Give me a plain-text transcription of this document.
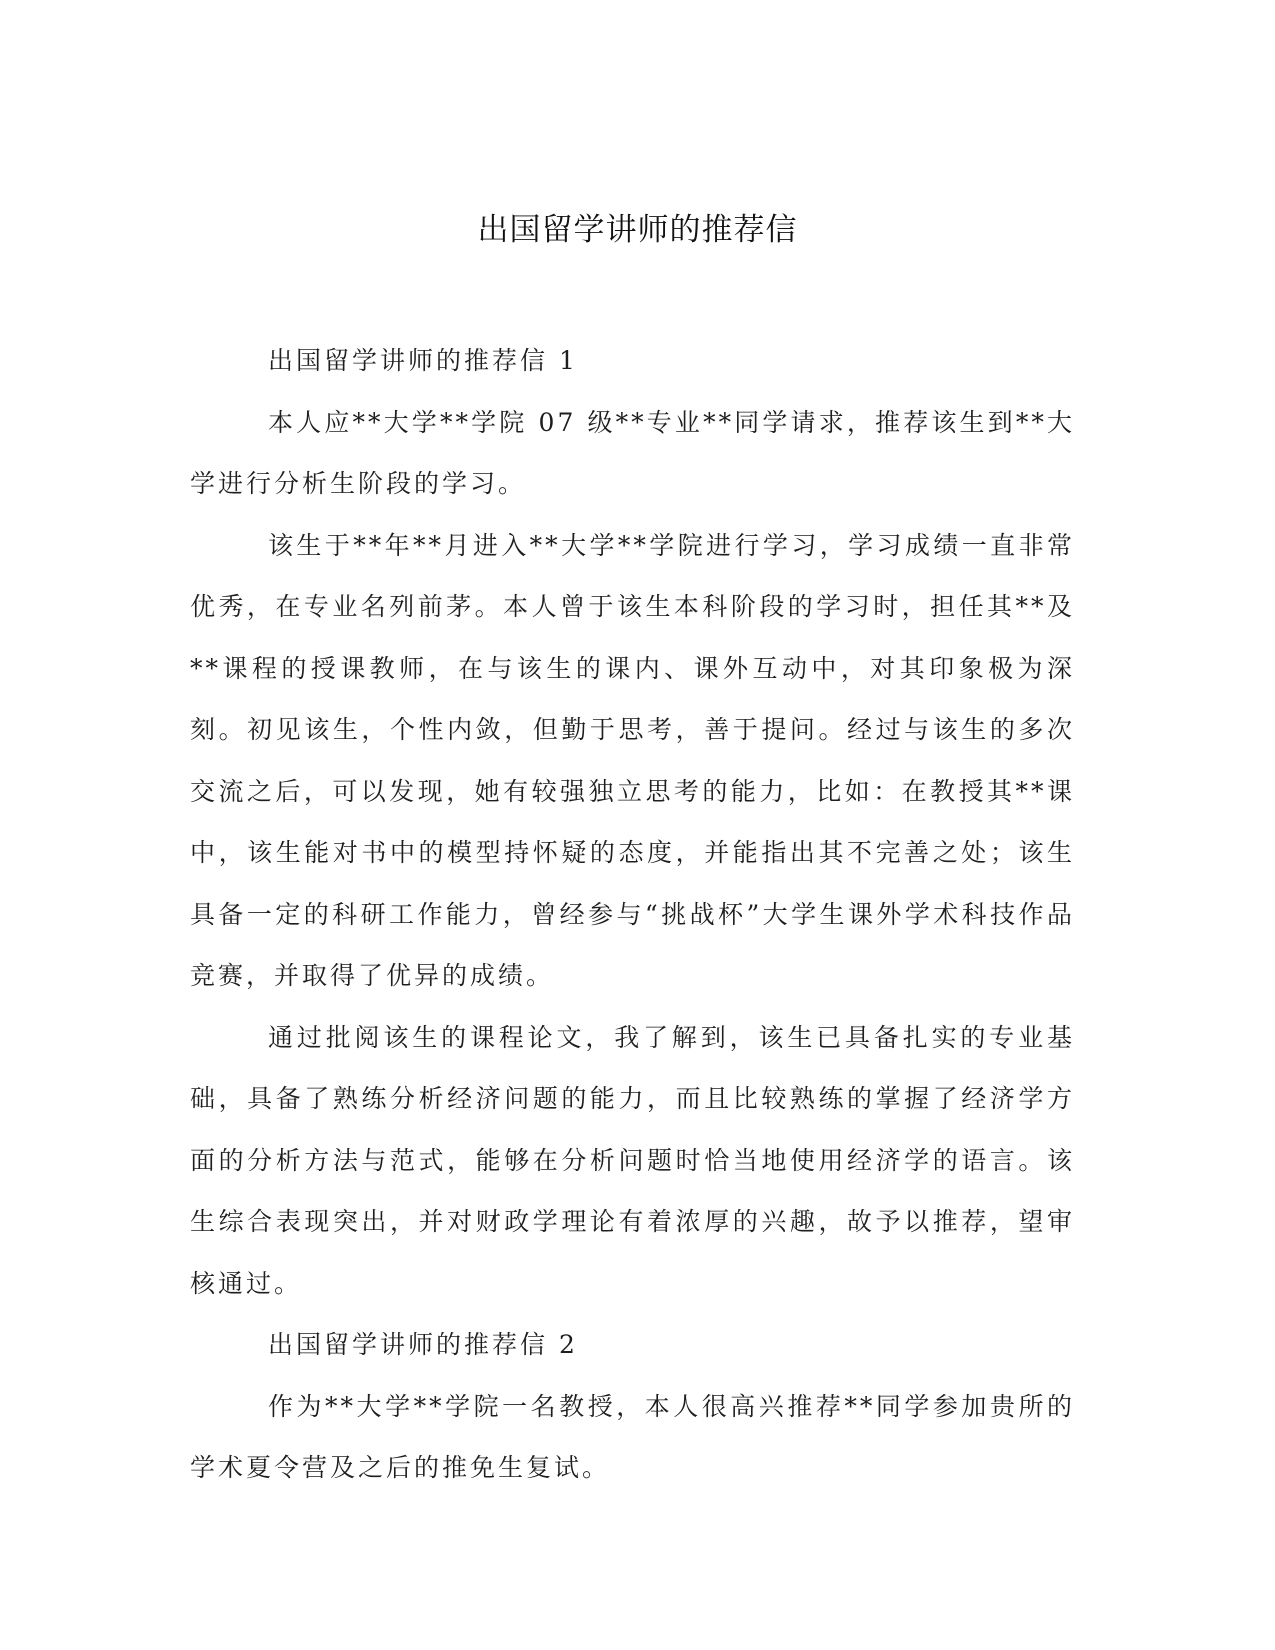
出国留学讲师的推荐信

出国留学讲师的推荐信 1

本人应**大学**学院 07 级**专业**同学请求，推荐该生到**大学进行分析生阶段的学习。

该生于**年**月进入**大学**学院进行学习，学习成绩一直非常优秀，在专业名列前茅。本人曾于该生本科阶段的学习时，担任其**及**课程的授课教师，在与该生的课内、课外互动中，对其印象极为深刻。初见该生，个性内敛，但勤于思考，善于提问。经过与该生的多次交流之后，可以发现，她有较强独立思考的能力，比如：在教授其**课中，该生能对书中的模型持怀疑的态度，并能指出其不完善之处；该生具备一定的科研工作能力，曾经参与“挑战杯”大学生课外学术科技作品竞赛，并取得了优异的成绩。

通过批阅该生的课程论文，我了解到，该生已具备扎实的专业基础，具备了熟练分析经济问题的能力，而且比较熟练的掌握了经济学方面的分析方法与范式，能够在分析问题时恰当地使用经济学的语言。该生综合表现突出，并对财政学理论有着浓厚的兴趣，故予以推荐，望审核通过。

出国留学讲师的推荐信 2

作为**大学**学院一名教授，本人很高兴推荐**同学参加贵所的学术夏令营及之后的推免生复试。
